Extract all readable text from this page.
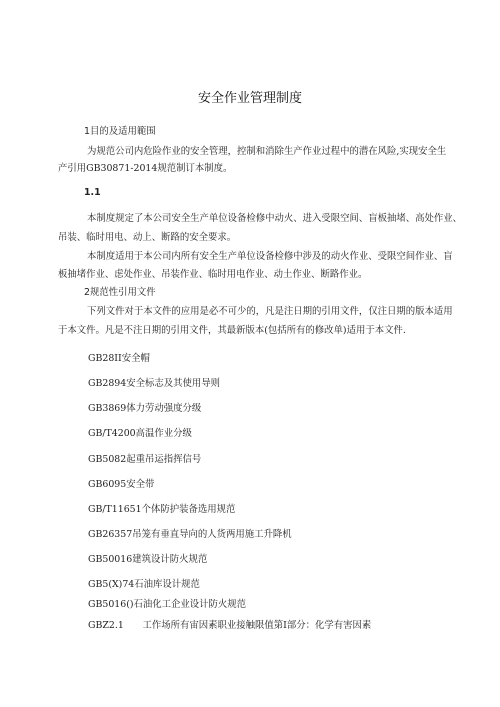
安全作业管理制度
1目的及适用範围
为规范公司内危险作业的安全管理，控制和消除生产作业过程中的潜在风险,实现安全生
产引用GB30871-2014规范制订本制度。
1.1
本制度规定了本公司安全生产单位设备检修中动火、进入受限空间、盲板抽堵、高处作业、
吊装、临时用电、动上、断路的安全要求。
本制度适用于本公司内所有安全生产单位设备检修中涉及的动火作业、受限空间作业、盲
板抽堵作业、虑处作业、吊装作业、临时用电作业、动土作业、断路作业。
2规范性引用文件
下列文件对于本文件的应用是必不可少的，凡是注日期的引用文件，仅注日期的版本适用
于本文件。凡是不注日期的引用文件，其最新版本(包括所有的修改单)适用于本文件.
GB28II安全帽
GB2894安全标志及其使用导则
GB3869体力劳动强度分级
GB/T4200高温作业分级
GB5082起重吊运指挥信号
GB6095安全带
GB/T11651个体防护装备选用规范
GB26357吊笼有垂直导向的人货两用施工升降机
GB50016建筑设计防火规范
GB5(X)74石油库设计规范
GB5016()石油化工企业设计防火规范
GBZ2.1　　工作场所有宙因素职业接触限值第Ⅰ部分：化学有害因素
